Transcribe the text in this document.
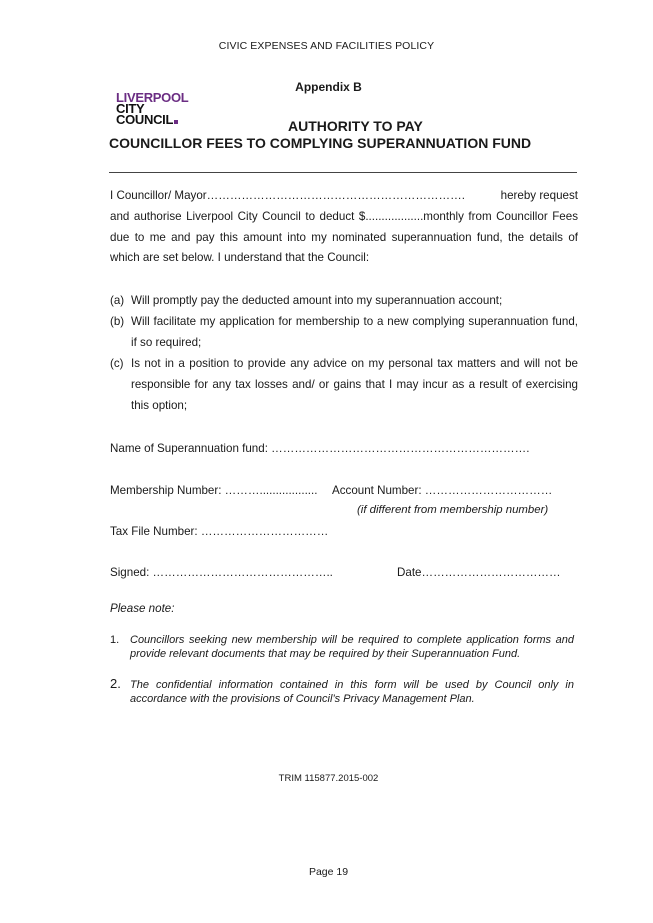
CIVIC EXPENSES AND FACILITIES POLICY
Appendix B
LIVERPOOL
CITY
COUNCIL	AUTHORITY TO PAY
COUNCILLOR FEES TO COMPLYING SUPERANNUATION FUND
I Councillor/ Mayor………………………………………………………….	hereby request
and authorise Liverpool City Council to deduct $..................monthly from Councillor Fees due to me and pay this amount into my nominated superannuation fund, the details of which are set below. I understand that the Council:
(a) Will promptly pay the deducted amount into my superannuation account;
(b) Will facilitate my application for membership to a new complying superannuation fund, if so required;
(c) Is not in a position to provide any advice on my personal tax matters and will not be responsible for any tax losses and/ or gains that I may incur as a result of exercising this option;
Name of Superannuation fund: ………………………………………………………….
Membership Number: ……….................. Account Number: ……………………………
(if different from membership number)
Tax File Number: ……………………………
Signed: ………………………………………..	Date………………………………
Please note:
1. Councillors seeking new membership will be required to complete application forms and provide relevant documents that may be required by their Superannuation Fund.
2. The confidential information contained in this form will be used by Council only in accordance with the provisions of Council’s Privacy Management Plan.
TRIM 115877.2015-002
Page 19
